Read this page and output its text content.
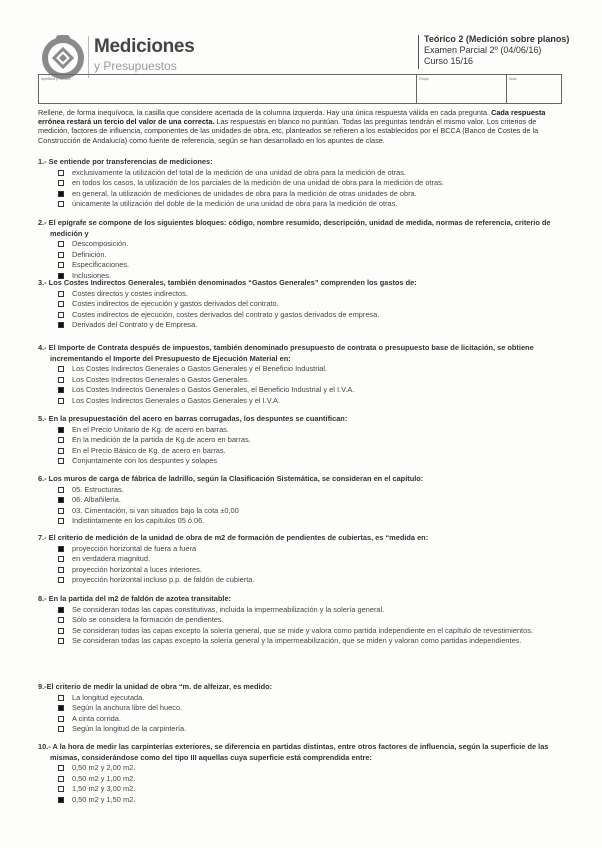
Mediciones
y Presupuestos
Teórico 2 (Medición sobre planos)
Examen Parcial 2º (04/06/16)
Curso 15/16
Apellidos y nombre	Grupo	Nota
Rellene, de forma inequívoca, la casilla que considere acertada de la columna izquierda. Hay una única respuesta válida en cada pregunta. Cada respuesta errónea restará un tercio del valor de una correcta. Las respuestas en blanco no puntúan. Todas las preguntas tendrán el mismo valor. Los criterios de medición, factores de influencia, componentes de las unidades de obra, etc, planteados se refieren a los establecidos por el BCCA (Banco de Costes de la Construcción de Andalucía) como fuente de referencia, según se han desarrollado en los apuntes de clase.
1.- Se entiende por transferencias de mediciones:
exclusivamente la utilización del total de la medición de una unidad de obra para la medición de otras.
en todos los casos, la utilización de los parciales de la medición de una unidad de obra para la medición de otras.
en general, la utilización de mediciones de unidades de obra para la medición de otras unidades de obra.
únicamente la utilización del doble de la medición de una unidad de obra para la medición de otras.
2.- El epígrafe se compone de los siguientes bloques: código, nombre resumido, descripción, unidad de medida, normas de referencia, criterio de medición y
Descomposición.
Definición.
Especificaciones.
Inclusiones.
3.- Los Costes Indirectos Generales, también denominados “Gastos Generales” comprenden los gastos de:
Costes directos y costes indirectos.
Costes indirectos de ejecución y gastos derivados del contrato.
Costes indirectos de ejecución, costes derivados del contrato y gastos derivados de empresa.
Derivados del Contrato y de Empresa.
4.- El Importe de Contrata después de impuestos, también denominado presupuesto de contrata o presupuesto base de licitación, se obtiene incrementando el Importe del Presupuesto de Ejecución Material en:
Los Costes Indirectos Generales o Gastos Generales y el Beneficio Industrial.
Los Costes Indirectos Generales o Gastos Generales.
Los Costes Indirectos Generales o Gastos Generales, el Beneficio Industrial y el I.V.A.
Los Costes Indirectos Generales o Gastos Generales y el I.V.A.
5.- En la presupuestación del acero en barras corrugadas, los despuntes se cuantifican:
En el Precio Unitario de Kg. de acero en barras.
En la medición de la partida de Kg.de acero en barras.
En el Precio Básico de Kg. de acero en barras.
Conjuntamente con los despuntes y solapes
6.- Los muros de carga de fábrica de ladrillo, según la Clasificación Sistemática, se consideran en el capítulo:
05. Estructuras.
06. Albañilería.
03. Cimentación, si van situados bajo la cota ±0,00
Indistintamente en los capítulos 05 ó 06.
7.- El criterio de medición de la unidad de obra de m2 de formación de pendientes de cubiertas, es “medida en:
proyección horizontal de fuera a fuera
en verdadera magnitud.
proyección horizontal a luces interiores.
proyección horizontal incluso p.p. de faldón de cubierta.
8.- En la partida del m2 de faldón de azotea transitable:
Se consideran todas las capas constitutivas, incluida la impermeabilización y la solería general.
Sólo se considera la formación de pendientes.
Se consideran todas las capas excepto la solería general, que se mide y valora como partida independiente en el capítulo de revestimientos.
Se consideran todas las capas excepto la solería general y la impermeabilización, que se miden y valoran como partidas independientes.
9.-El criterio de medir la unidad de obra “m. de alfeizar, es medido:
La longitud ejecutada.
Según la anchura libre del hueco.
A cinta corrida.
Según la longitud de la carpintería.
10.- A la hora de medir las carpinterías exteriores, se diferencia en partidas distintas, entre otros factores de influencia, según la superficie de las mismas, considerándose como del tipo III aquellas cuya superficie está comprendida entre:
0,50 m2 y 2,00 m2.
0,50 m2 y 1,00 m2.
1,50 m2 y 3,00 m2.
0,50 m2 y 1,50 m2.
